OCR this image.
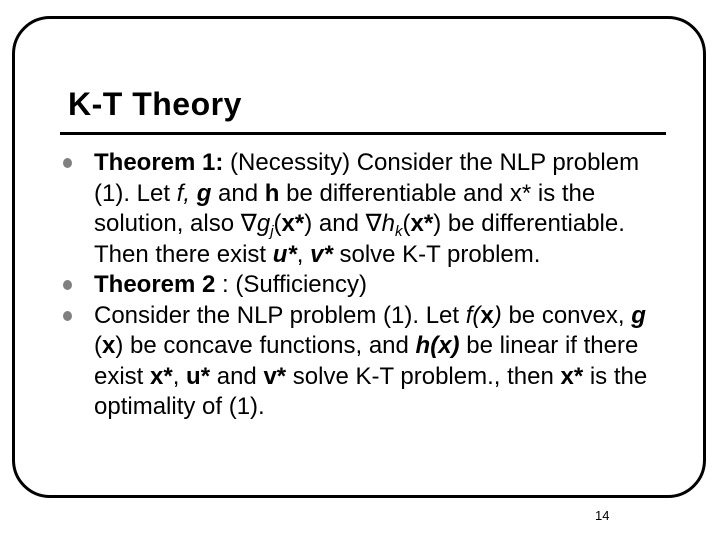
K-T Theory
Theorem 1: (Necessity) Consider the NLP problem (1). Let f, g and h be differentiable and x* is the solution, also $\nabla g_j(x*)$ and $\nabla h_k(x*)$ be differentiable. Then there exist u*, v* solve K-T problem.
Theorem 2 : (Sufficiency)
Consider the NLP problem (1). Let f(x) be convex, g (x) be concave functions, and h(x) be linear if there exist x*, u* and v* solve K-T problem., then x* is the optimality of (1).
14
